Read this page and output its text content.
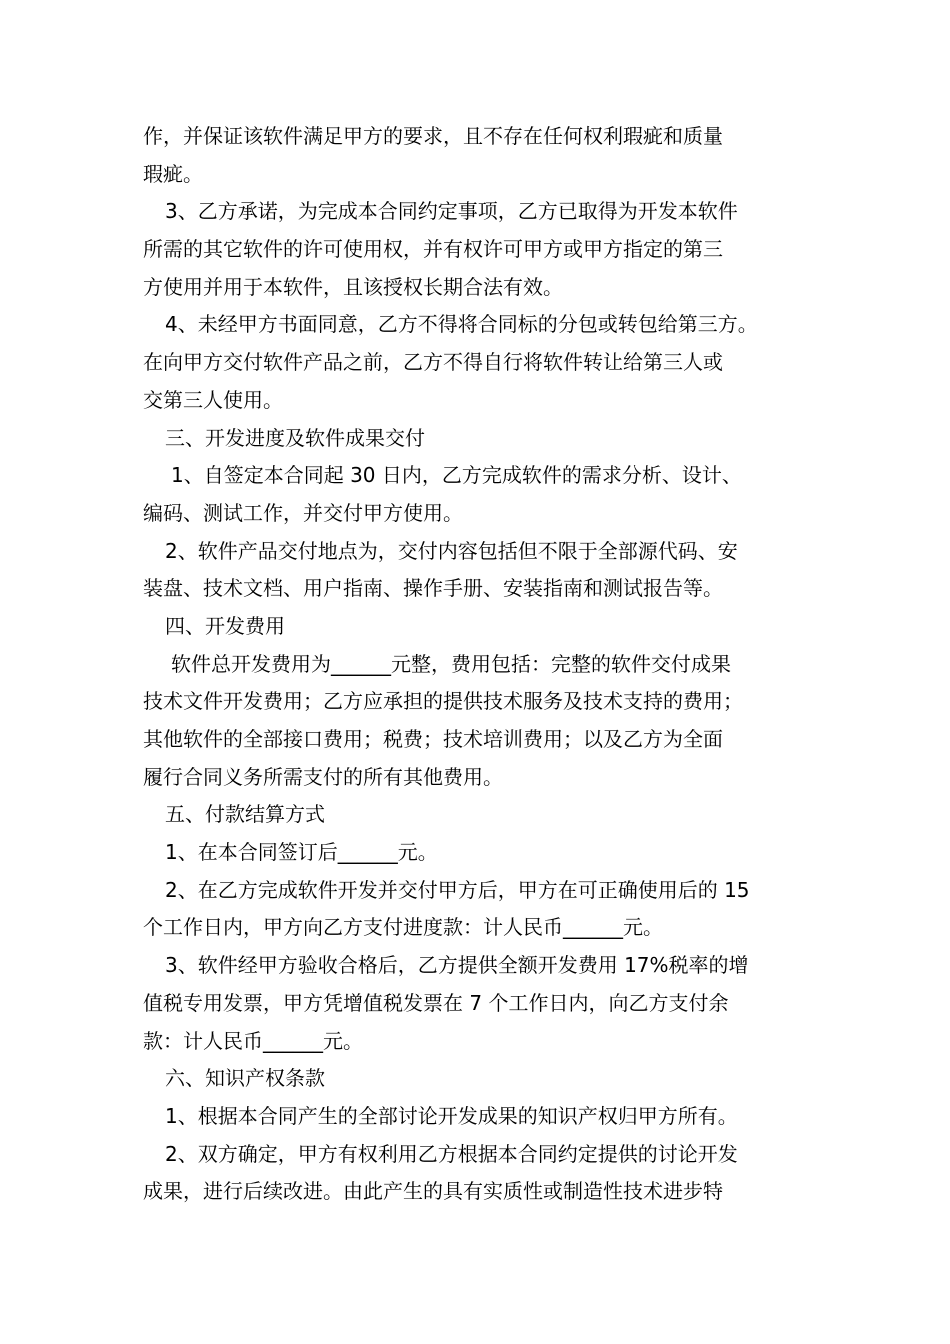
作，并保证该软件满足甲方的要求，且不存在任何权利瑕疵和质量
瑕疵。
3、乙方承诺，为完成本合同约定事项，乙方已取得为开发本软件
所需的其它软件的许可使用权，并有权许可甲方或甲方指定的第三
方使用并用于本软件，且该授权长期合法有效。
4、未经甲方书面同意，乙方不得将合同标的分包或转包给第三方。
在向甲方交付软件产品之前，乙方不得自行将软件转让给第三人或
交第三人使用。
三、开发进度及软件成果交付
1、自签定本合同起 30 日内，乙方完成软件的需求分析、设计、
编码、测试工作，并交付甲方使用。
2、软件产品交付地点为，交付内容包括但不限于全部源代码、安
装盘、技术文档、用户指南、操作手册、安装指南和测试报告等。
四、开发费用
软件总开发费用为______元整，费用包括：完整的软件交付成果
技术文件开发费用；乙方应承担的提供技术服务及技术支持的费用；
其他软件的全部接口费用；税费；技术培训费用；以及乙方为全面
履行合同义务所需支付的所有其他费用。
五、付款结算方式
1、在本合同签订后______元。
2、在乙方完成软件开发并交付甲方后，甲方在可正确使用后的 15
个工作日内，甲方向乙方支付进度款：计人民币______元。
3、软件经甲方验收合格后，乙方提供全额开发费用 17%税率的增
值税专用发票，甲方凭增值税发票在 7 个工作日内，向乙方支付余
款：计人民币______元。
六、知识产权条款
1、根据本合同产生的全部讨论开发成果的知识产权归甲方所有。
2、双方确定，甲方有权利用乙方根据本合同约定提供的讨论开发
成果，进行后续改进。由此产生的具有实质性或制造性技术进步特
